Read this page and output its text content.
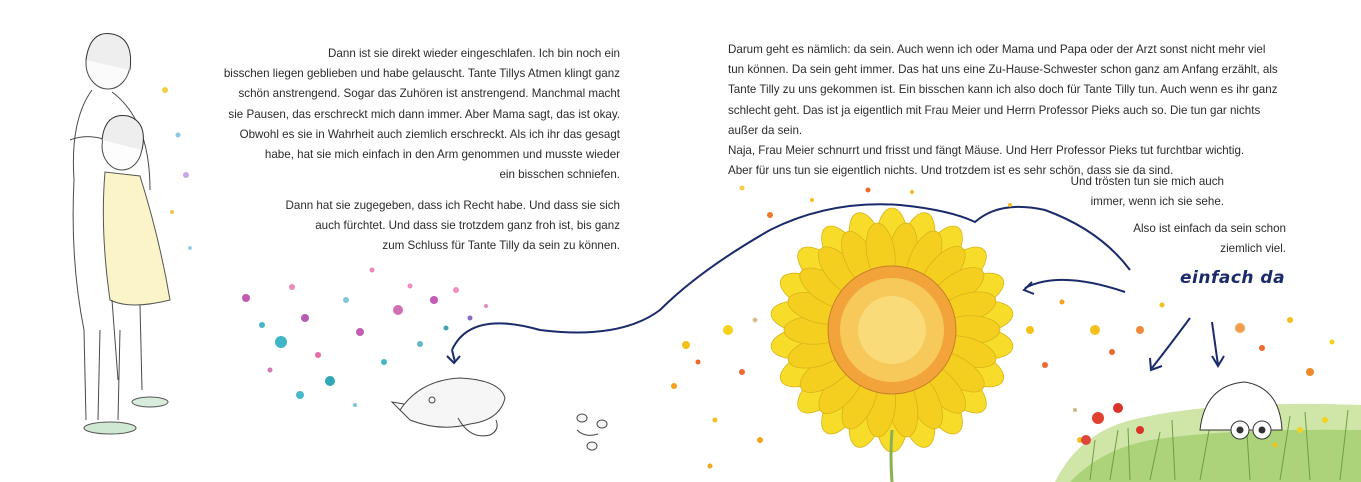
Dann ist sie direkt wieder eingeschlafen. Ich bin noch ein
bisschen liegen geblieben und habe gelauscht. Tante Tillys Atmen klingt ganz
schön anstrengend. Sogar das Zuhören ist anstrengend. Manchmal macht
sie Pausen, das erschreckt mich dann immer. Aber Mama sagt, das ist okay.
Obwohl es sie in Wahrheit auch ziemlich erschreckt. Als ich ihr das gesagt
habe, hat sie mich einfach in den Arm genommen und musste wieder
ein bisschen schniefen.
Dann hat sie zugegeben, dass ich Recht habe. Und dass sie sich
auch fürchtet. Und dass sie trotzdem ganz froh ist, bis ganz
zum Schluss für Tante Tilly da sein zu können.
Darum geht es nämlich: da sein. Auch wenn ich oder Mama und Papa oder der Arzt sonst nicht mehr viel
tun können. Da sein geht immer. Das hat uns eine Zu-Hause-Schwester schon ganz am Anfang erzählt, als
Tante Tilly zu uns gekommen ist. Ein bisschen kann ich also doch für Tante Tilly tun. Auch wenn es ihr ganz
schlecht geht. Das ist ja eigentlich mit Frau Meier und Herrn Professor Pieks auch so. Die tun gar nichts
außer da sein.
Naja, Frau Meier schnurrt und frisst und fängt Mäuse. Und Herr Professor Pieks tut furchtbar wichtig.
Aber für uns tun sie eigentlich nichts. Und trotzdem ist es sehr schön, dass sie da sind.
Und trösten tun sie mich auch
immer, wenn ich sie sehe.
Also ist einfach da sein schon
ziemlich viel.
einfach da
